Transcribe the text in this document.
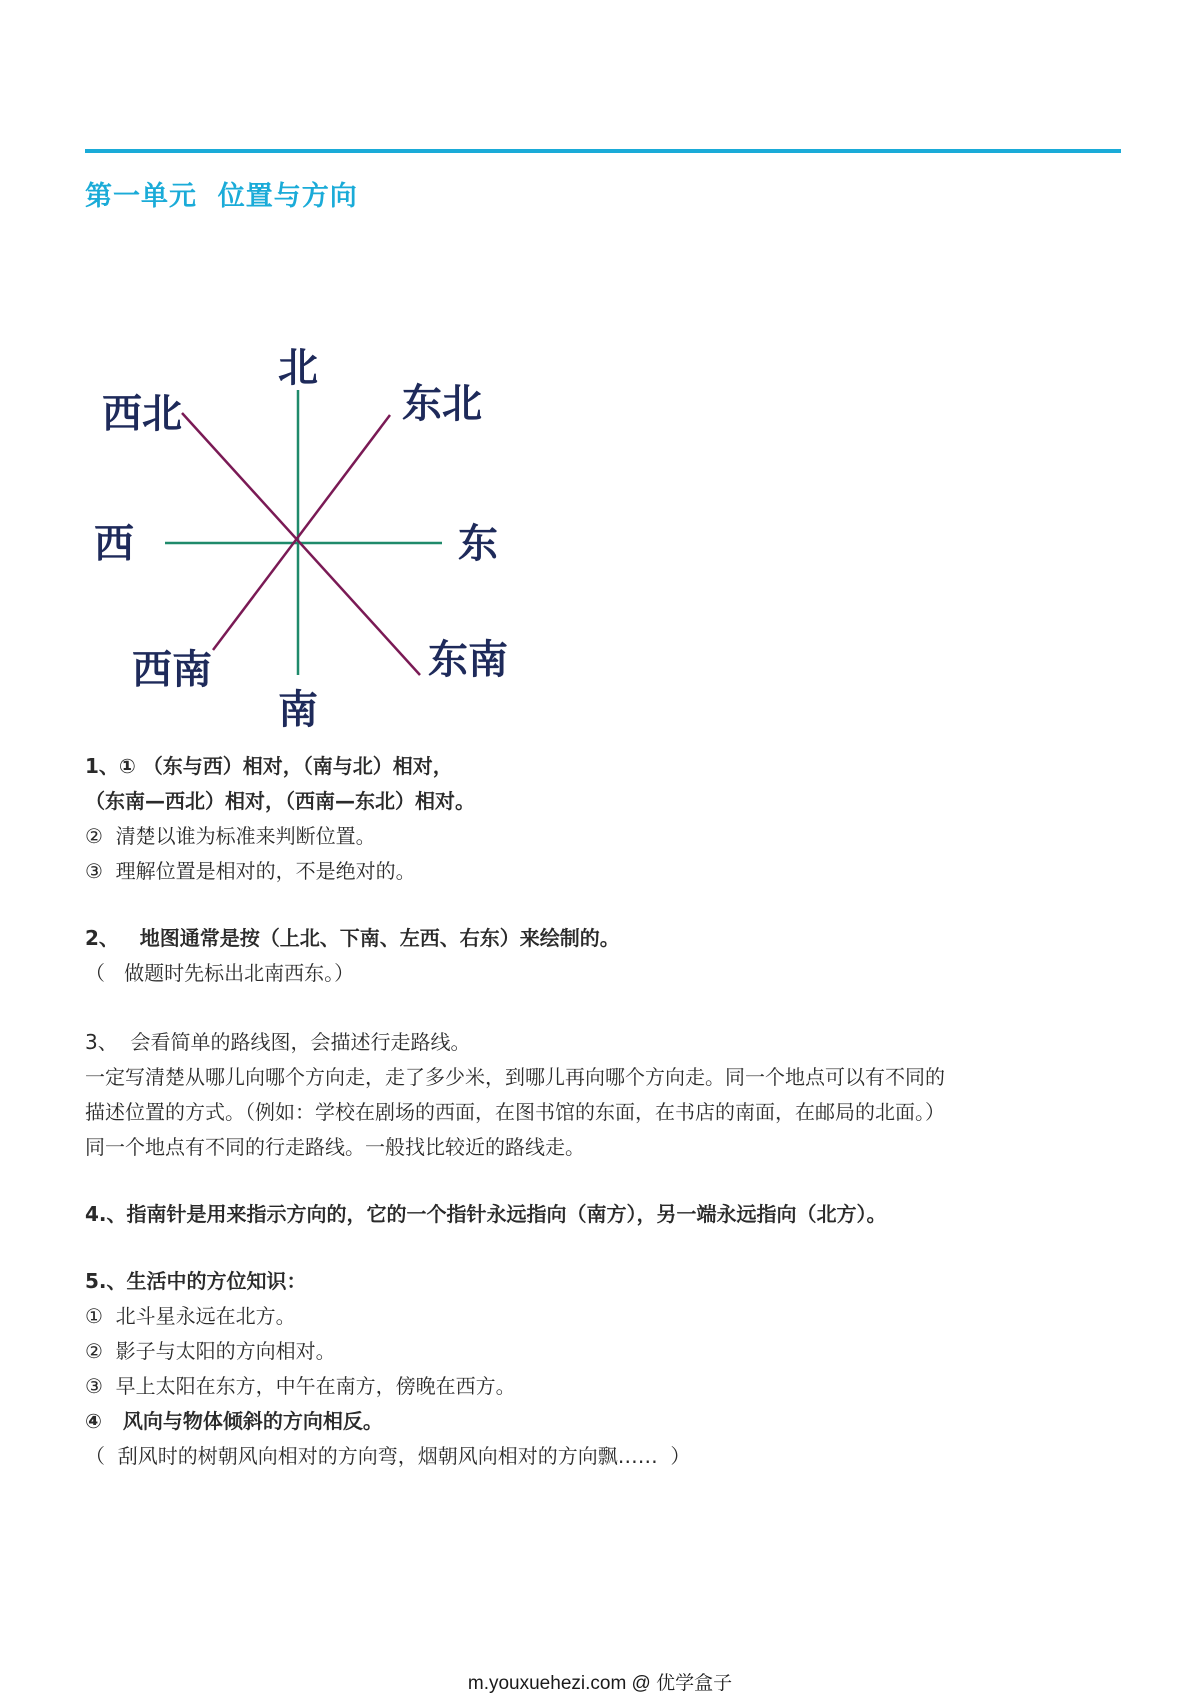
第一单元  位置与方向
北
西北	东北
西	东
西南	东南
南

1、① （东与西）相对，（南与北）相对，

（东南—西北）相对，（西南—东北）相对。

②  清楚以谁为标准来判断位置。

③  理解位置是相对的，不是绝对的。

2、   地图通常是按（上北、下南、左西、右东）来绘制的。

（   做题时先标出北南西东。）

3、  会看简单的路线图，会描述行走路线。

一定写清楚从哪儿向哪个方向走，走了多少米，到哪儿再向哪个方向走。同一个地点可以有不同的

描述位置的方式。（例如：学校在剧场的西面，在图书馆的东面，在书店的南面，在邮局的北面。）

同一个地点有不同的行走路线。一般找比较近的路线走。

4.、指南针是用来指示方向的，它的一个指针永远指向（南方），另一端永远指向（北方）。

5.、生活中的方位知识：

①  北斗星永远在北方。

②  影子与太阳的方向相对。

③  早上太阳在东方，中午在南方，傍晚在西方。

④   风向与物体倾斜的方向相反。

（  刮风时的树朝风向相对的方向弯，烟朝风向相对的方向飘……  ）

m.youxuehezi.com @ 优学盒子
